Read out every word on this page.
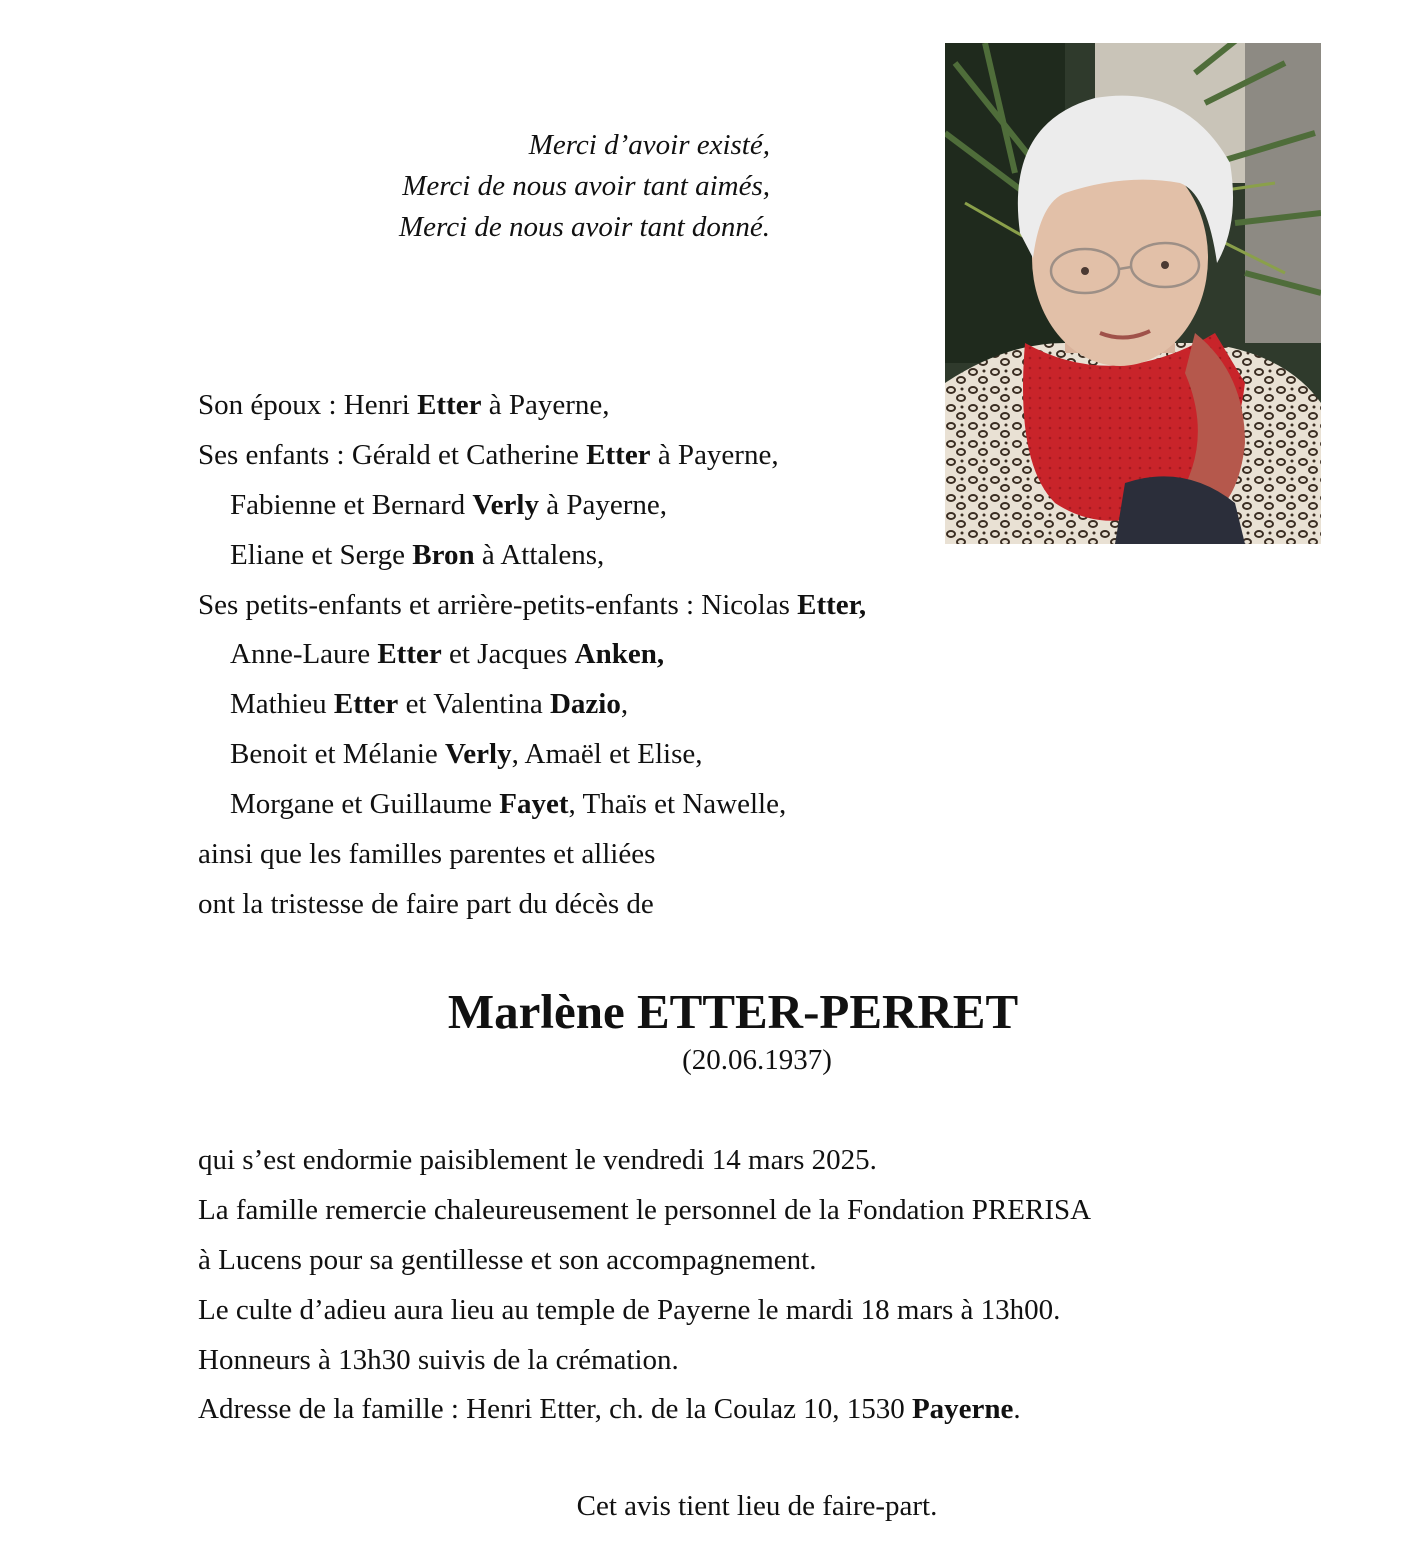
Merci d’avoir existé,
Merci de nous avoir tant aimés,
Merci de nous avoir tant donné.
Son époux : Henri Etter à Payerne,
Ses enfants : Gérald et Catherine Etter à Payerne,
Fabienne et Bernard Verly à Payerne,
Eliane et Serge Bron à Attalens,
Ses petits-enfants et arrière-petits-enfants : Nicolas Etter,
Anne-Laure Etter et Jacques Anken,
Mathieu Etter et Valentina Dazio,
Benoit et Mélanie Verly, Amaël et Elise,
Morgane et Guillaume Fayet, Thaïs et Nawelle,
ainsi que les familles parentes et alliées
ont la tristesse de faire part du décès de
Marlène ETTER-PERRET
(20.06.1937)
qui s’est endormie paisiblement le vendredi 14 mars 2025.
La famille remercie chaleureusement le personnel de la Fondation PRERISA
à Lucens pour sa gentillesse et son accompagnement.
Le culte d’adieu aura lieu au temple de Payerne le mardi 18 mars à 13h00.
Honneurs à 13h30 suivis de la crémation.
Adresse de la famille : Henri Etter, ch. de la Coulaz 10, 1530 Payerne.
Cet avis tient lieu de faire-part.
